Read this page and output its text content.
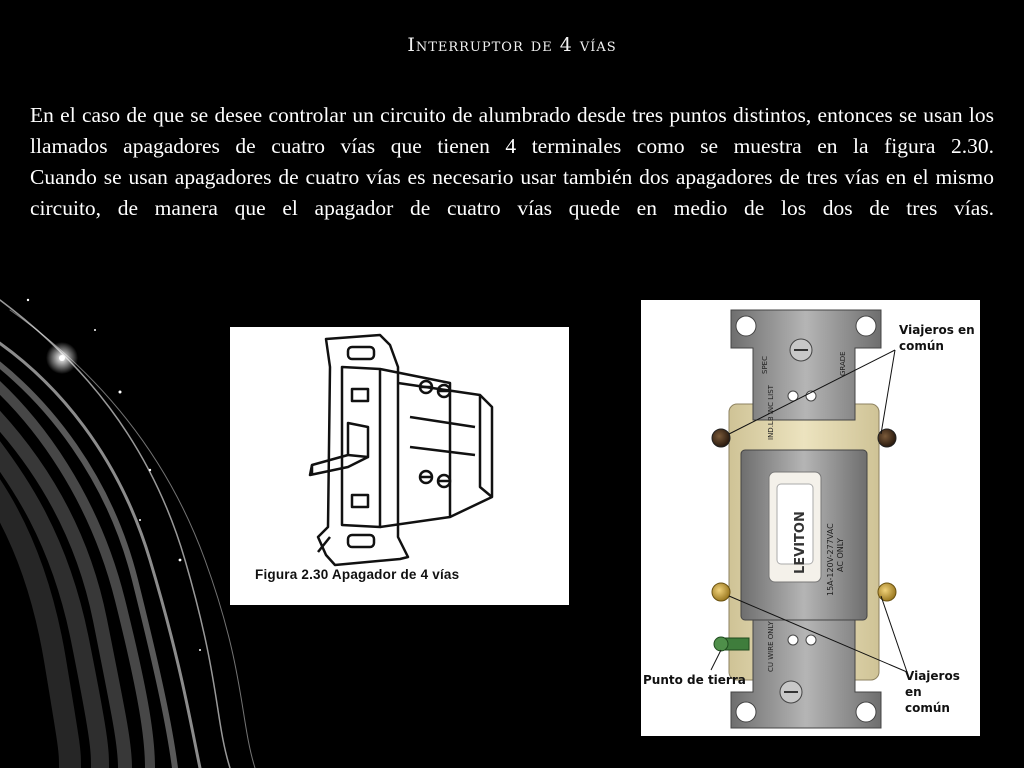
Interruptor de 4 vías

En el caso de que se desee controlar un circuito de alumbrado desde tres puntos distintos, entonces se usan los llamados apagadores de cuatro vías que tienen 4 terminales como se muestra en la figura 2.30.

Cuando se usan apagadores de cuatro vías es necesario usar también dos apagadores de tres vías en el mismo circuito, de manera que el apagador de cuatro vías quede en medio de los dos de tres vías.

Figura 2.30 Apagador de 4 vías
LEVITON 15A-120V-277VAC AC ONLY
SPEC	GRADE
IND.LB INC LIST
CU WIRE ONLY
Viajeros en
común
Viajeros en
común
Punto de tierra
